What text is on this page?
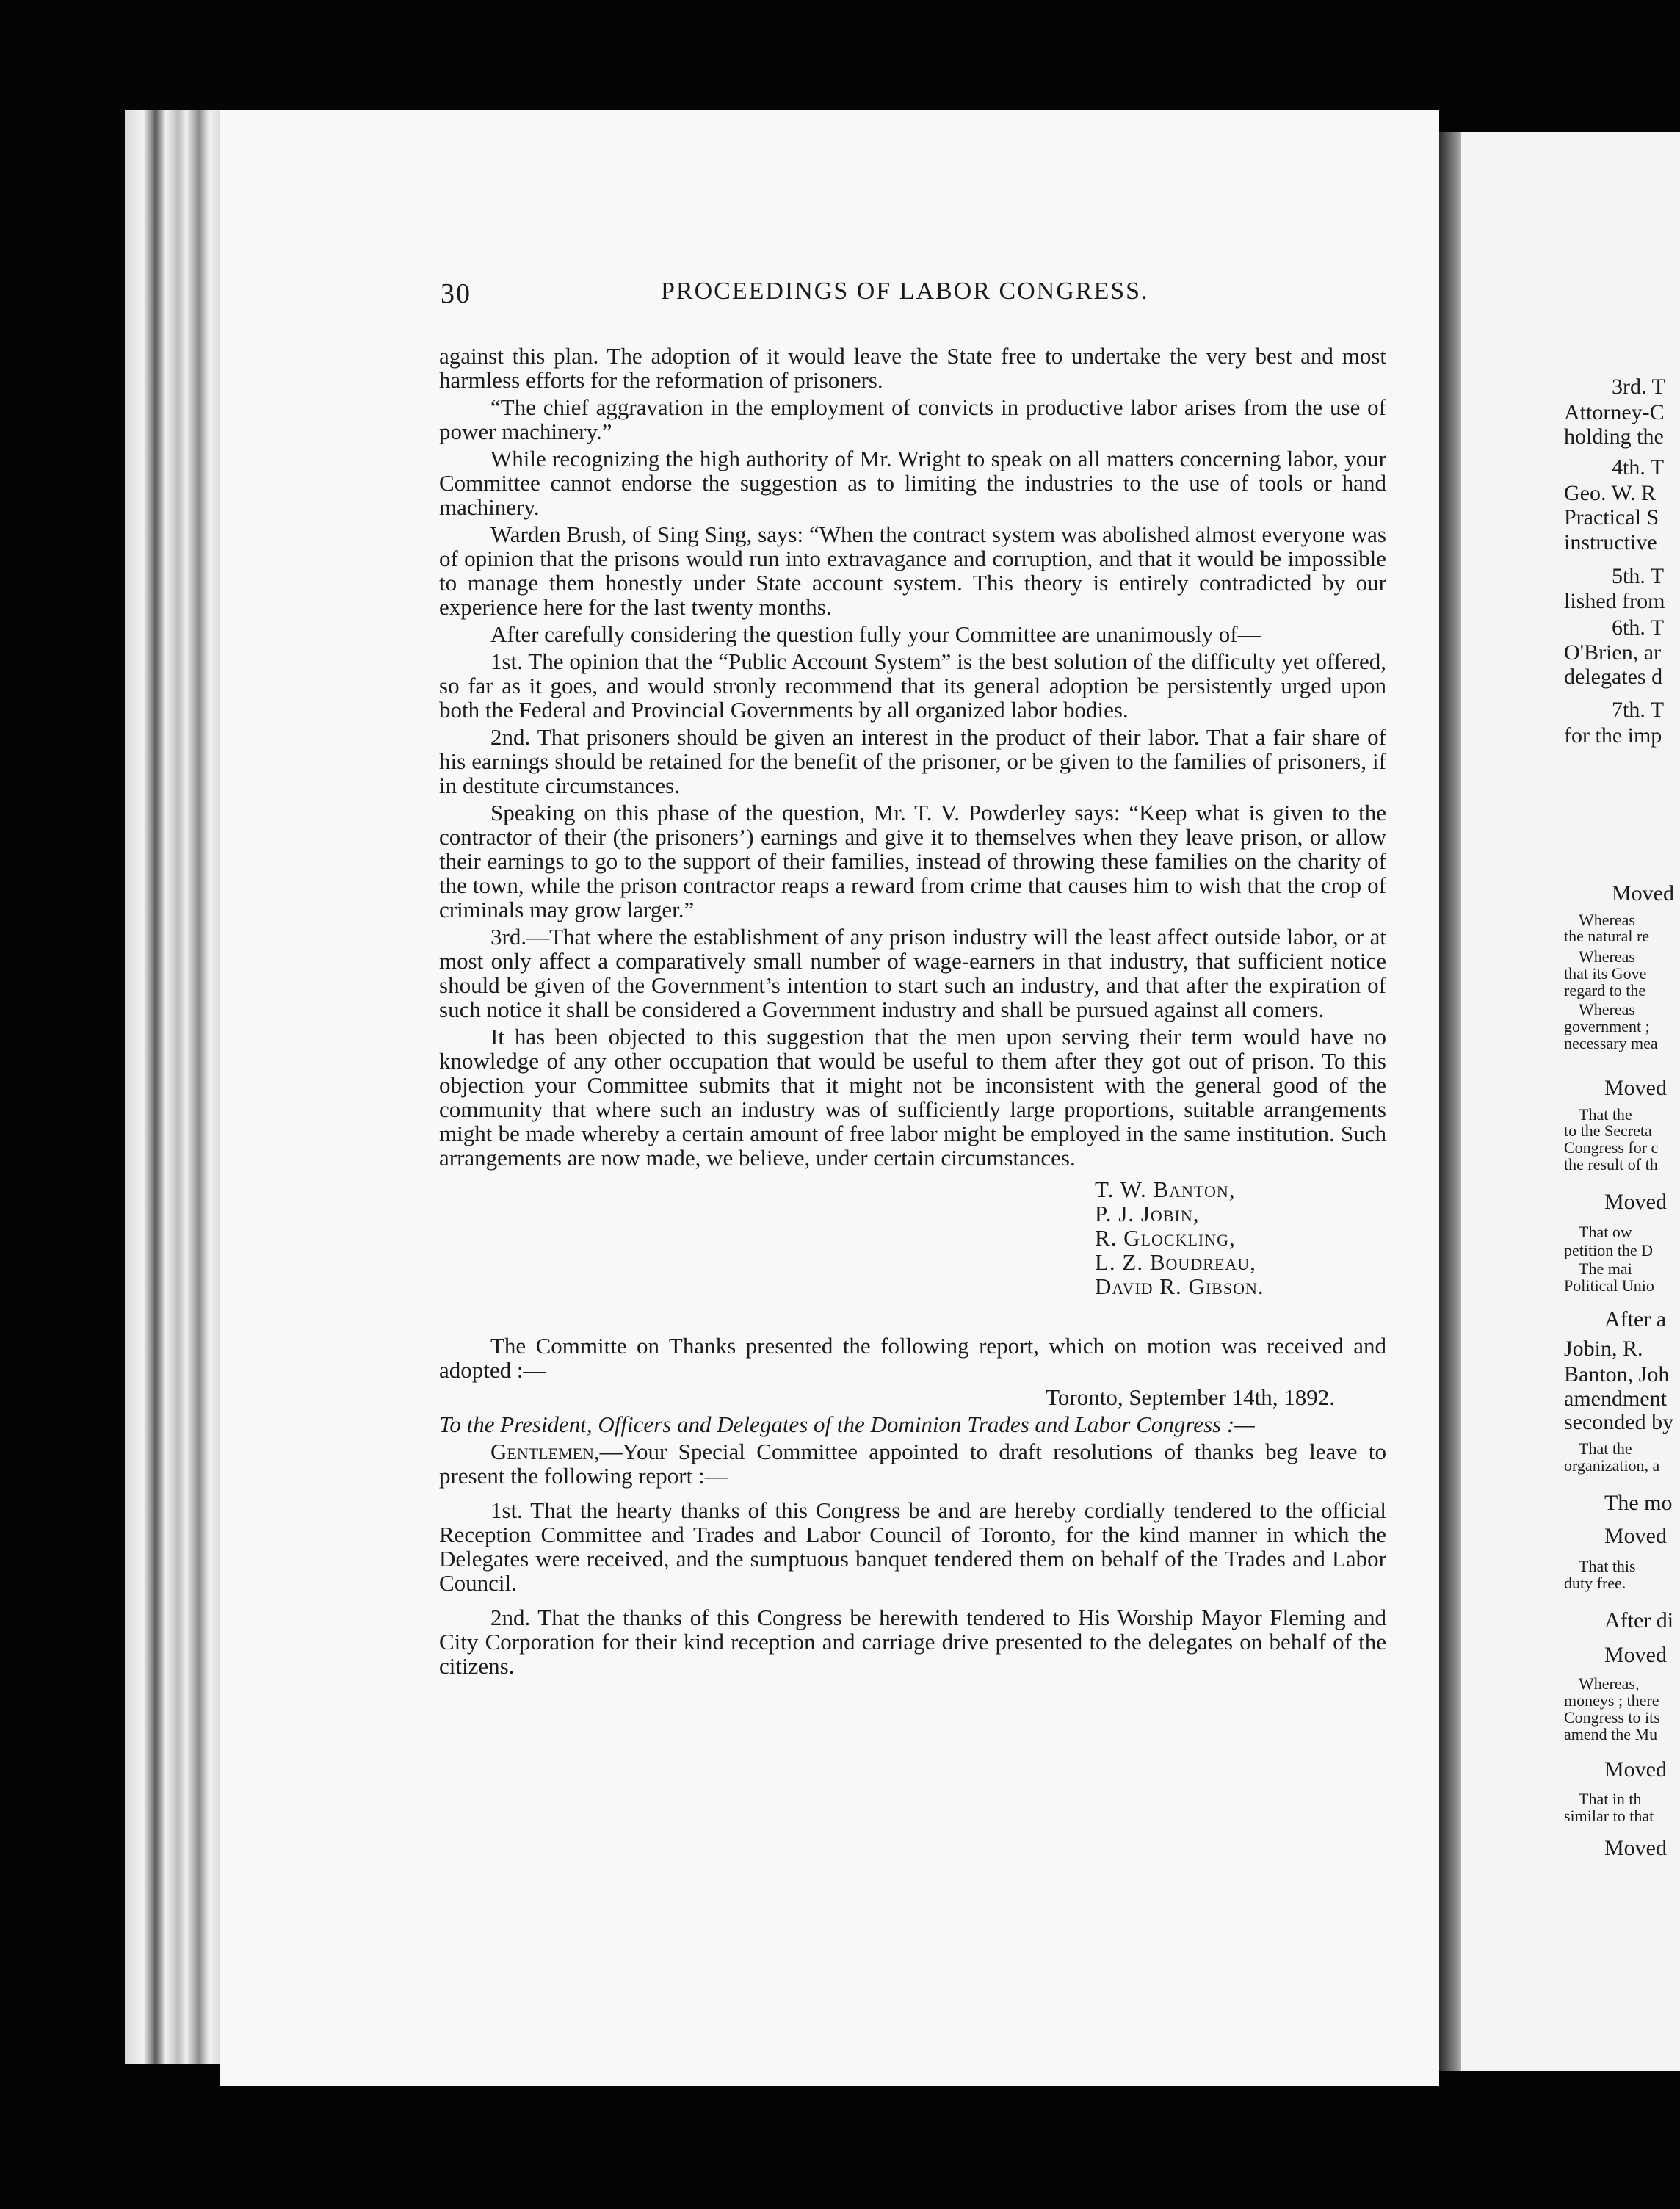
30	PROCEEDINGS OF LABOR CONGRESS.

against this plan. The adoption of it would leave the State free to undertake the very best and most harmless efforts for the reformation of prisoners.

“The chief aggravation in the employment of convicts in productive labor arises from the use of power machinery.”

While recognizing the high authority of Mr. Wright to speak on all matters concerning labor, your Committee cannot endorse the suggestion as to limiting the industries to the use of tools or hand machinery.

Warden Brush, of Sing Sing, says: “When the contract system was abolished almost everyone was of opinion that the prisons would run into extravagance and corruption, and that it would be impossible to manage them honestly under State account system. This theory is entirely contradicted by our experience here for the last twenty months.

After carefully considering the question fully your Committee are unanimously of—

1st. The opinion that the “Public Account System” is the best solution of the difficulty yet offered, so far as it goes, and would stronly recommend that its general adoption be persistently urged upon both the Federal and Provincial Governments by all organized labor bodies.

2nd. That prisoners should be given an interest in the product of their labor. That a fair share of his earnings should be retained for the benefit of the prisoner, or be given to the families of prisoners, if in destitute circumstances.

Speaking on this phase of the question, Mr. T. V. Powderley says: “Keep what is given to the contractor of their (the prisoners’) earnings and give it to themselves when they leave prison, or allow their earnings to go to the support of their families, instead of throwing these families on the charity of the town, while the prison contractor reaps a reward from crime that causes him to wish that the crop of criminals may grow larger.”

3rd.—That where the establishment of any prison industry will the least affect outside labor, or at most only affect a comparatively small number of wage-earners in that industry, that sufficient notice should be given of the Government’s intention to start such an industry, and that after the expiration of such notice it shall be considered a Government industry and shall be pursued against all comers.

It has been objected to this suggestion that the men upon serving their term would have no knowledge of any other occupation that would be useful to them after they got out of prison. To this objection your Committee submits that it might not be inconsistent with the general good of the community that where such an industry was of sufficiently large proportions, suitable arrangements might be made whereby a certain amount of free labor might be employed in the same institution. Such arrangements are now made, we believe, under certain circumstances.

T. W. Banton,
P. J. Jobin,
R. Glockling,
L. Z. Boudreau,
David R. Gibson.

The Committe on Thanks presented the following report, which on motion was received and adopted :—

Toronto, September 14th, 1892.

To the President, Officers and Delegates of the Dominion Trades and Labor Congress :—

Gentlemen,—Your Special Committee appointed to draft resolutions of thanks beg leave to present the following report :—

1st. That the hearty thanks of this Congress be and are hereby cordially tendered to the official Reception Committee and Trades and Labor Council of Toronto, for the kind manner in which the Delegates were received, and the sumptuous banquet tendered them on behalf of the Trades and Labor Council.

2nd. That the thanks of this Congress be herewith tendered to His Worship Mayor Fleming and City Corporation for their kind reception and carriage drive presented to the delegates on behalf of the citizens.

3rd. T
Attorney-C
holding the
4th. T
Geo. W. R
Practical S
instructive
5th. T
lished from
6th. T
O'Brien, ar
delegates d
7th. T
for the imp
Moved
Whereas
the natural re
Whereas
that its Gove
regard to the
Whereas
government ;
necessary mea
Moved
That the
to the Secreta
Congress for c
the result of th
Moved
That ow
petition the D
The mai
Political Unio
After a
Jobin, R.
Banton, Joh
amendment
seconded by
That the
organization, a
The mo
Moved
That this
duty free.
After di
Moved
Whereas,
moneys ; there
Congress to its
amend the Mu
Moved
That in th
similar to that
Moved
